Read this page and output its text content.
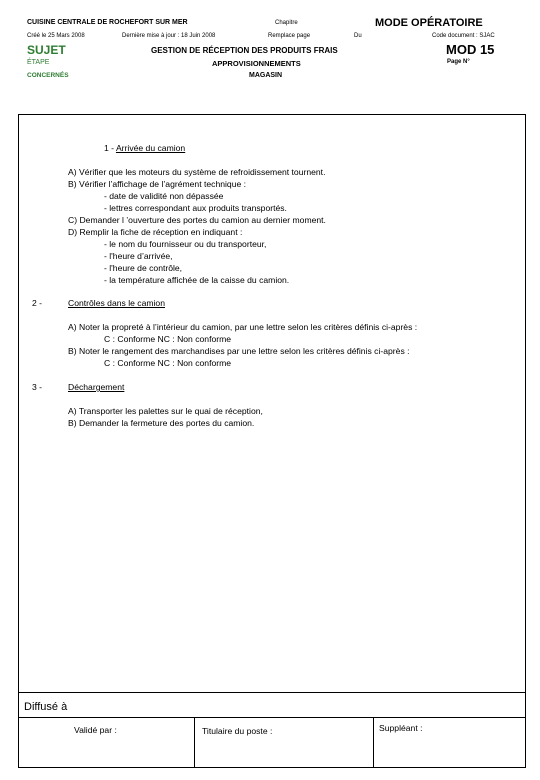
CUISINE CENTRALE DE ROCHEFORT SUR MER	Chapitre	MODE OPÉRATOIRE
Créé le 25 Mars 2008	Dernière mise à jour : 18 Juin 2008	Remplace page	Du	Code document : SJAC
SUJET	GESTION DE RÉCEPTION DES PRODUITS FRAIS	MOD 15
ÉTAPE	APPROVISIONNEMENTS	Page N°
CONCERNÉS	MAGASIN
1 - Arrivée du camion
A) Vérifier que les moteurs du système de refroidissement tournent.
B) Vérifier l’affichage de l’agrément technique :
- date de validité non dépassée
- lettres correspondant aux produits transportés.
C) Demander l ’ouverture des portes du camion au dernier moment.
D) Remplir la fiche de réception en indiquant :
- le nom du fournisseur ou du transporteur,
- l'heure d’arrivée,
- l'heure de contrôle,
- la température affichée de la caisse du camion.
2 -	Contrôles dans le camion
A) Noter la propreté à l’intérieur du camion, par une lettre selon les critères définis ci-après :
C : Conforme NC : Non conforme
B) Noter le rangement des marchandises par une lettre selon les critères définis ci-après :
C : Conforme NC : Non conforme
3 -	Déchargement
A) Transporter les palettes sur le quai de réception,
B) Demander la fermeture des portes du camion.
Diffusé à
Validé par :	Titulaire du poste :	Suppléant :
